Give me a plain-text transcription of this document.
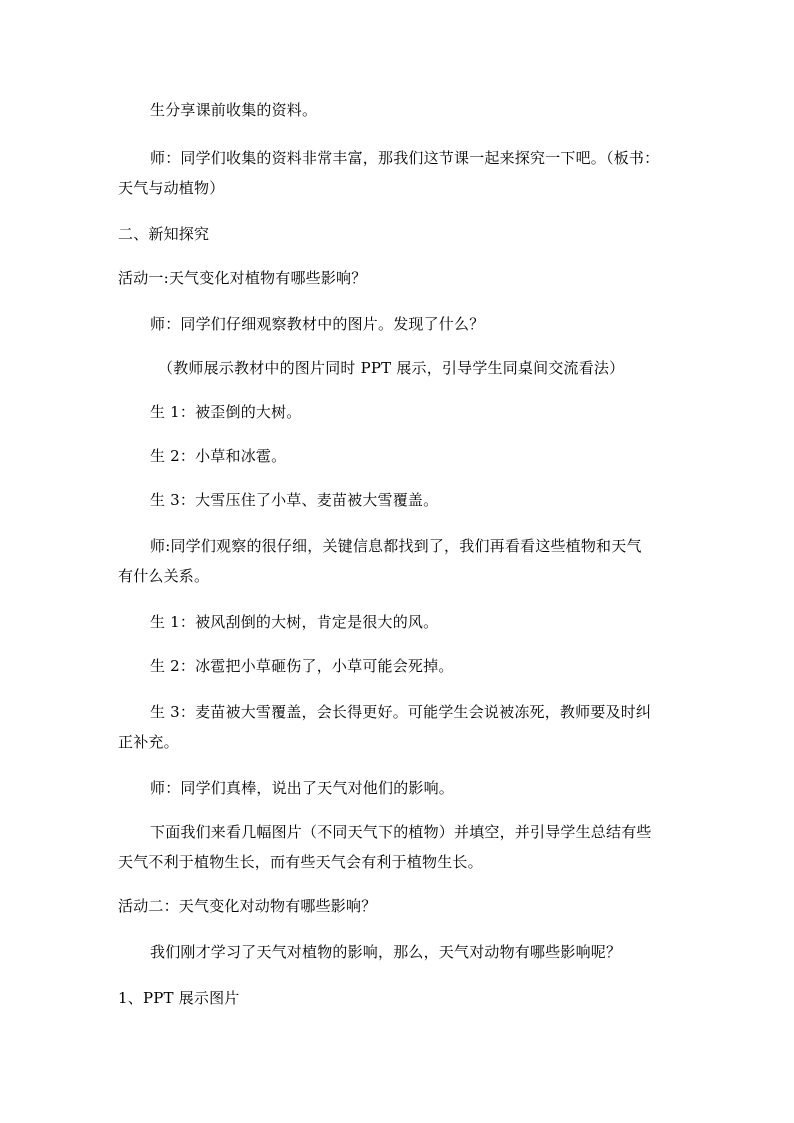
生分享课前收集的资料。
师：同学们收集的资料非常丰富，那我们这节课一起来探究一下吧。（板书：
天气与动植物）
二、新知探究
活动一:天气变化对植物有哪些影响？
师：同学们仔细观察教材中的图片。发现了什么？
（教师展示教材中的图片同时 PPT 展示，引导学生同桌间交流看法）
生 1：被歪倒的大树。
生 2：小草和冰雹。
生 3：大雪压住了小草、麦苗被大雪覆盖。
师:同学们观察的很仔细，关键信息都找到了，我们再看看这些植物和天气
有什么关系。
生 1：被风刮倒的大树，肯定是很大的风。
生 2：冰雹把小草砸伤了，小草可能会死掉。
生 3：麦苗被大雪覆盖，会长得更好。可能学生会说被冻死，教师要及时纠
正补充。
师：同学们真棒，说出了天气对他们的影响。
下面我们来看几幅图片（不同天气下的植物）并填空，并引导学生总结有些
天气不利于植物生长，而有些天气会有利于植物生长。
活动二：天气变化对动物有哪些影响？
我们刚才学习了天气对植物的影响，那么，天气对动物有哪些影响呢？
1、PPT 展示图片
